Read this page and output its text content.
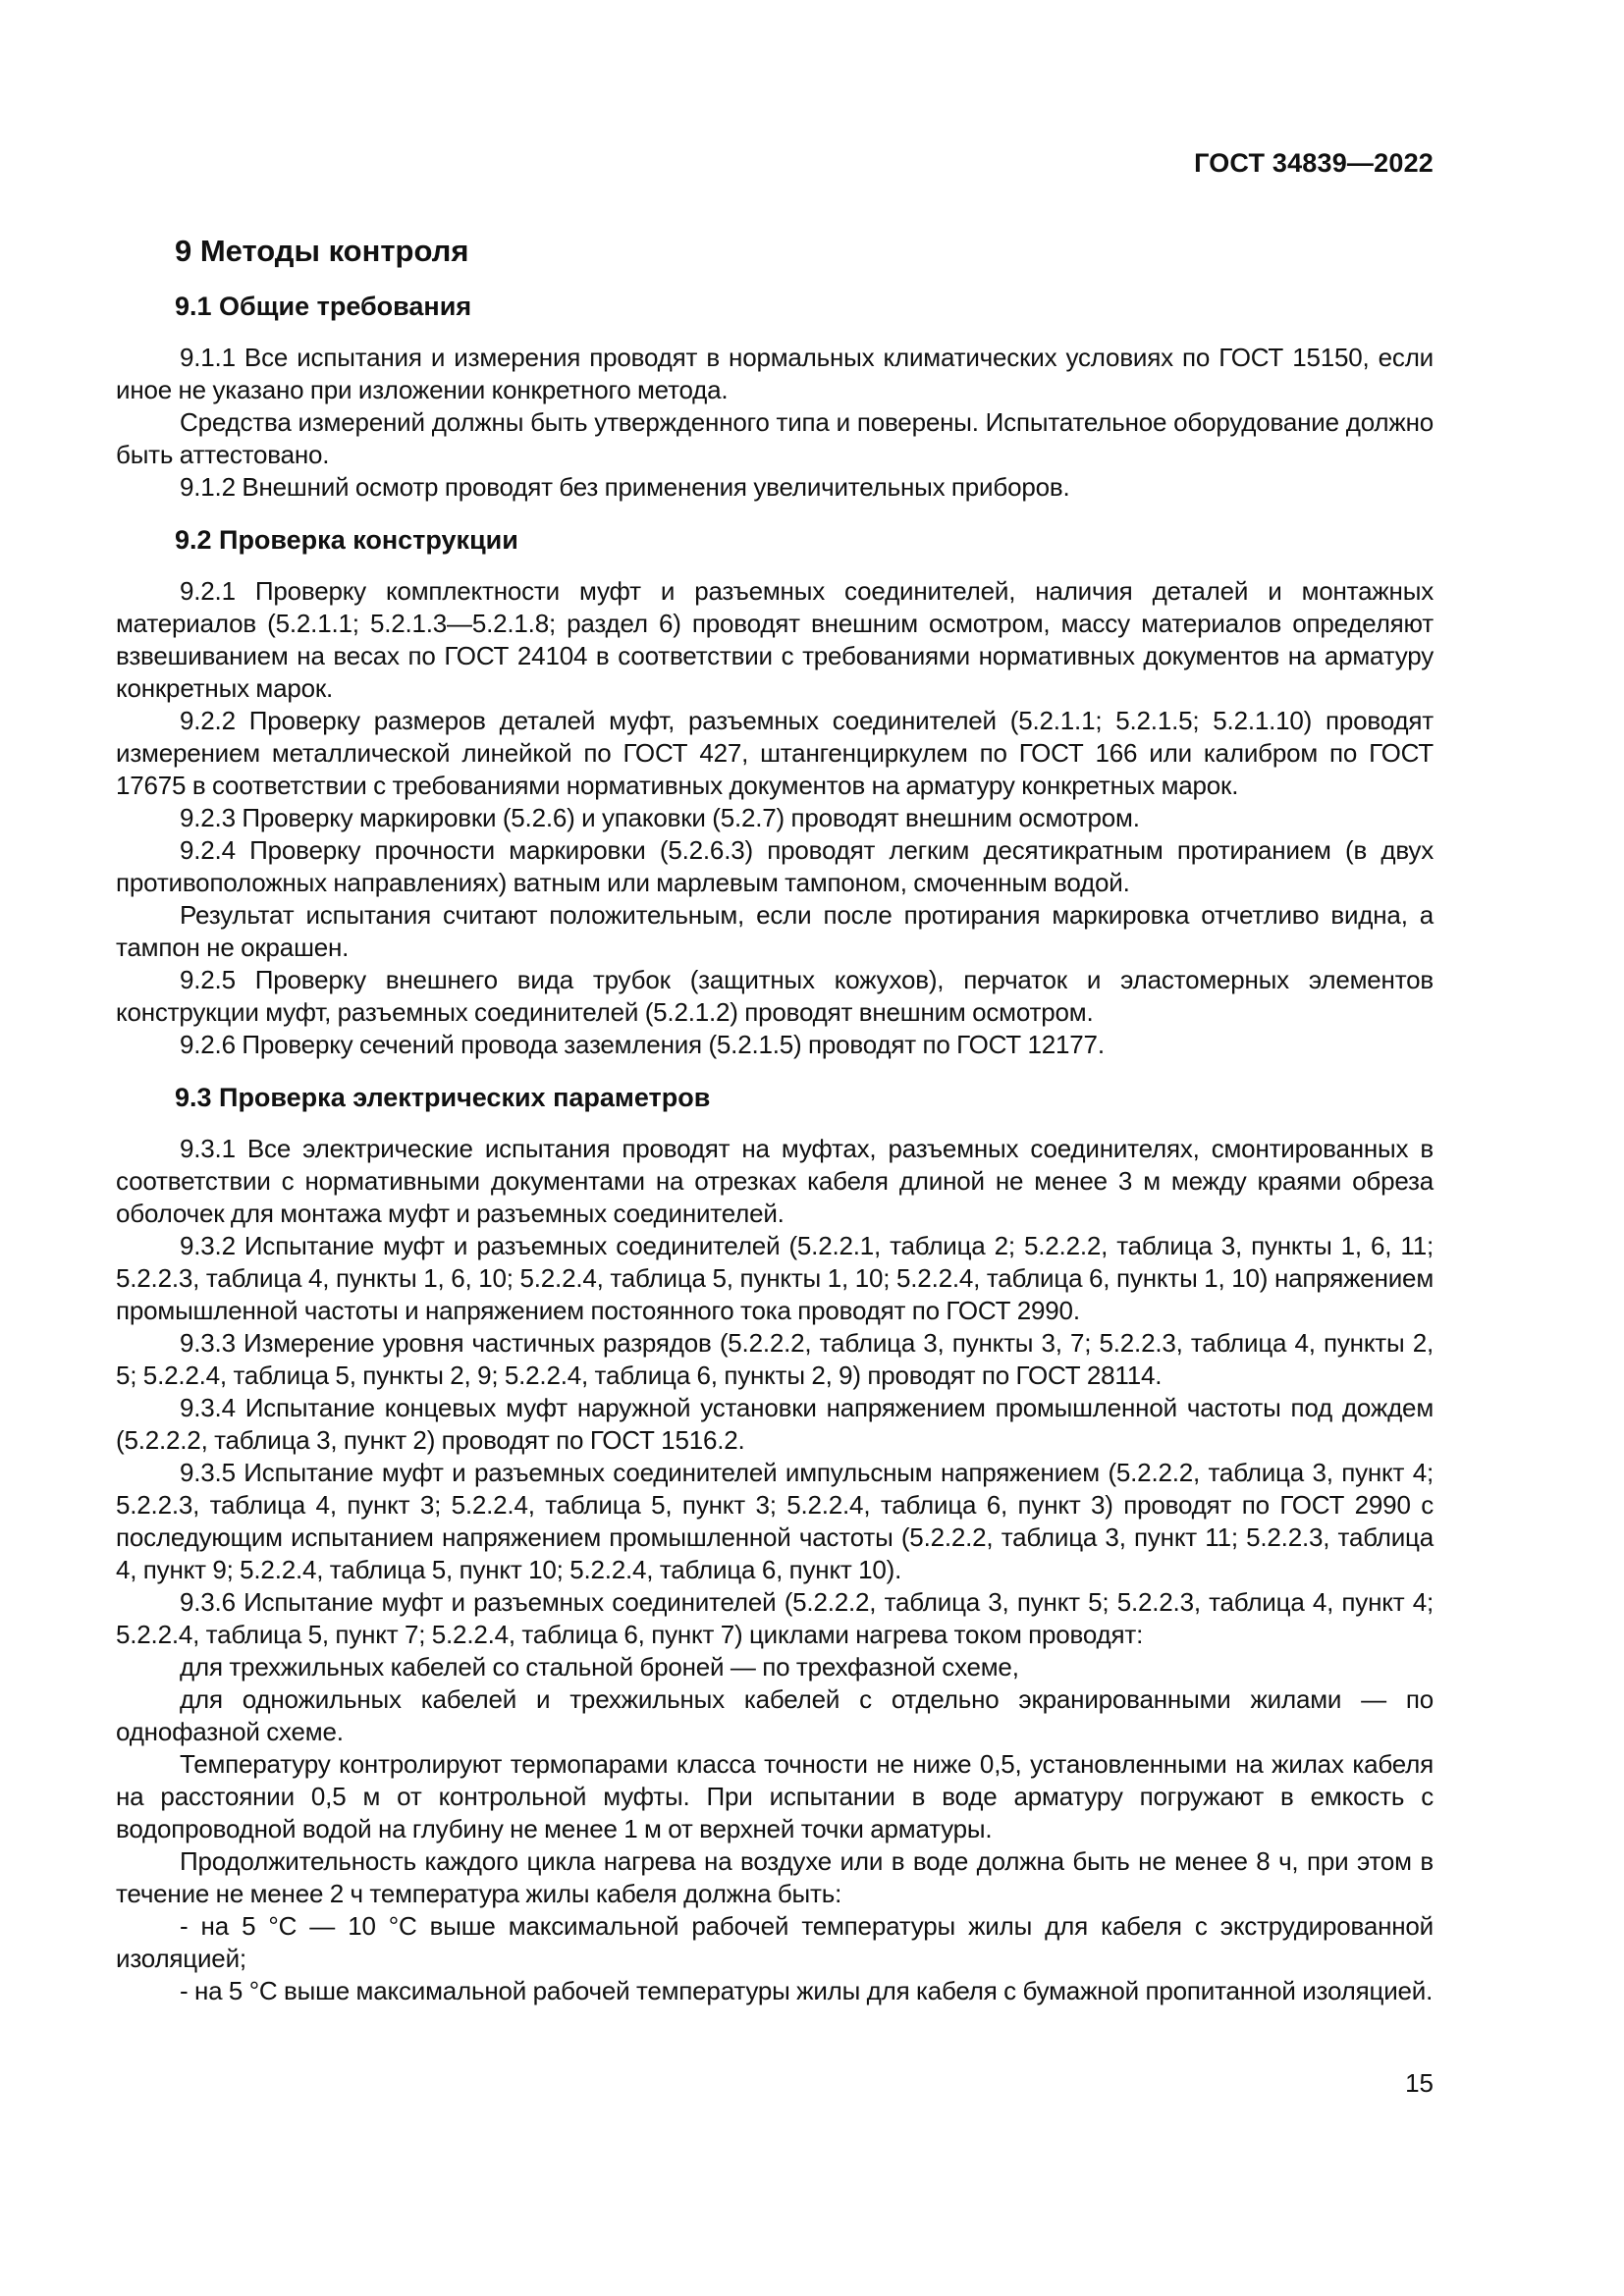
ГОСТ 34839—2022
9 Методы контроля
9.1 Общие требования

9.1.1 Все испытания и измерения проводят в нормальных климатических условиях по ГОСТ 15150, если иное не указано при изложении конкретного метода.

Средства измерений должны быть утвержденного типа и поверены. Испытательное оборудование должно быть аттестовано.

9.1.2 Внешний осмотр проводят без применения увеличительных приборов.

9.2 Проверка конструкции

9.2.1 Проверку комплектности муфт и разъемных соединителей, наличия деталей и монтажных материалов (5.2.1.1; 5.2.1.3—5.2.1.8; раздел 6) проводят внешним осмотром, массу материалов определяют взвешиванием на весах по ГОСТ 24104 в соответствии с требованиями нормативных документов на арматуру конкретных марок.

9.2.2 Проверку размеров деталей муфт, разъемных соединителей (5.2.1.1; 5.2.1.5; 5.2.1.10) проводят измерением металлической линейкой по ГОСТ 427, штангенциркулем по ГОСТ 166 или калибром по ГОСТ 17675 в соответствии с требованиями нормативных документов на арматуру конкретных марок.

9.2.3 Проверку маркировки (5.2.6) и упаковки (5.2.7) проводят внешним осмотром.

9.2.4 Проверку прочности маркировки (5.2.6.3) проводят легким десятикратным протиранием (в двух противоположных направлениях) ватным или марлевым тампоном, смоченным водой.

Результат испытания считают положительным, если после протирания маркировка отчетливо видна, а тампон не окрашен.

9.2.5 Проверку внешнего вида трубок (защитных кожухов), перчаток и эластомерных элементов конструкции муфт, разъемных соединителей (5.2.1.2) проводят внешним осмотром.

9.2.6 Проверку сечений провода заземления (5.2.1.5) проводят по ГОСТ 12177.

9.3 Проверка электрических параметров

9.3.1 Все электрические испытания проводят на муфтах, разъемных соединителях, смонтированных в соответствии с нормативными документами на отрезках кабеля длиной не менее 3 м между краями обреза оболочек для монтажа муфт и разъемных соединителей.

9.3.2 Испытание муфт и разъемных соединителей (5.2.2.1, таблица 2; 5.2.2.2, таблица 3, пункты 1, 6, 11; 5.2.2.3, таблица 4, пункты 1, 6, 10; 5.2.2.4, таблица 5, пункты 1, 10; 5.2.2.4, таблица 6, пункты 1, 10) напряжением промышленной частоты и напряжением постоянного тока проводят по ГОСТ 2990.

9.3.3 Измерение уровня частичных разрядов (5.2.2.2, таблица 3, пункты 3, 7; 5.2.2.3, таблица 4, пункты 2, 5; 5.2.2.4, таблица 5, пункты 2, 9; 5.2.2.4, таблица 6, пункты 2, 9) проводят по ГОСТ 28114.

9.3.4 Испытание концевых муфт наружной установки напряжением промышленной частоты под дождем (5.2.2.2, таблица 3, пункт 2) проводят по ГОСТ 1516.2.

9.3.5 Испытание муфт и разъемных соединителей импульсным напряжением (5.2.2.2, таблица 3, пункт 4; 5.2.2.3, таблица 4, пункт 3; 5.2.2.4, таблица 5, пункт 3; 5.2.2.4, таблица 6, пункт 3) проводят по ГОСТ 2990 с последующим испытанием напряжением промышленной частоты (5.2.2.2, таблица 3, пункт 11; 5.2.2.3, таблица 4, пункт 9; 5.2.2.4, таблица 5, пункт 10; 5.2.2.4, таблица 6, пункт 10).

9.3.6 Испытание муфт и разъемных соединителей (5.2.2.2, таблица 3, пункт 5; 5.2.2.3, таблица 4, пункт 4; 5.2.2.4, таблица 5, пункт 7; 5.2.2.4, таблица 6, пункт 7) циклами нагрева током проводят:

для трехжильных кабелей со стальной броней — по трехфазной схеме,

для одножильных кабелей и трехжильных кабелей с отдельно экранированными жилами — по однофазной схеме.

Температуру контролируют термопарами класса точности не ниже 0,5, установленными на жилах кабеля на расстоянии 0,5 м от контрольной муфты. При испытании в воде арматуру погружают в емкость с водопроводной водой на глубину не менее 1 м от верхней точки арматуры.

Продолжительность каждого цикла нагрева на воздухе или в воде должна быть не менее 8 ч, при этом в течение не менее 2 ч температура жилы кабеля должна быть:

- на 5 °С — 10 °С выше максимальной рабочей температуры жилы для кабеля с экструдированной изоляцией;

- на 5 °С выше максимальной рабочей температуры жилы для кабеля с бумажной пропитанной изоляцией.

15
